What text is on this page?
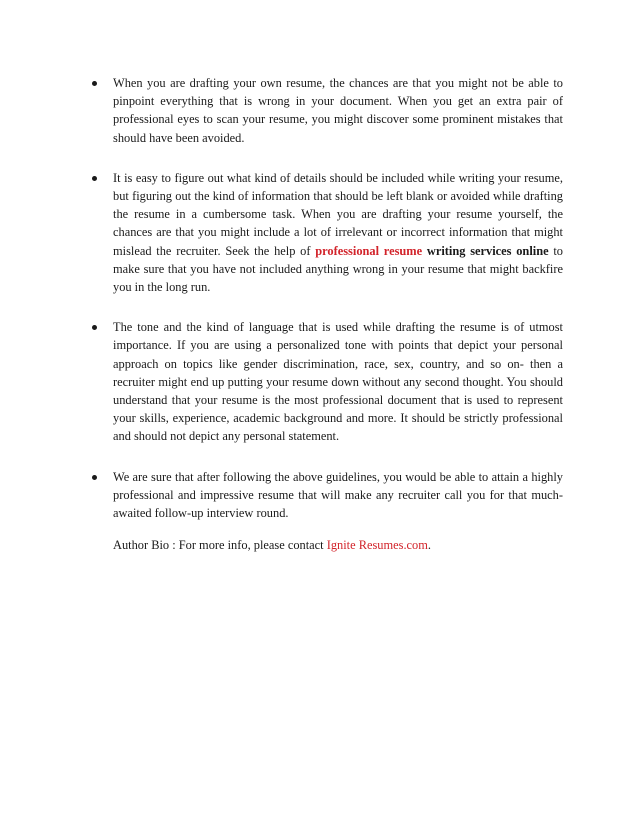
When you are drafting your own resume, the chances are that you might not be able to pinpoint everything that is wrong in your document. When you get an extra pair of professional eyes to scan your resume, you might discover some prominent mistakes that should have been avoided.
It is easy to figure out what kind of details should be included while writing your resume, but figuring out the kind of information that should be left blank or avoided while drafting the resume in a cumbersome task. When you are drafting your resume yourself, the chances are that you might include a lot of irrelevant or incorrect information that might mislead the recruiter. Seek the help of professional resume writing services online to make sure that you have not included anything wrong in your resume that might backfire you in the long run.
The tone and the kind of language that is used while drafting the resume is of utmost importance. If you are using a personalized tone with points that depict your personal approach on topics like gender discrimination, race, sex, country, and so on- then a recruiter might end up putting your resume down without any second thought. You should understand that your resume is the most professional document that is used to represent your skills, experience, academic background and more. It should be strictly professional and should not depict any personal statement.
We are sure that after following the above guidelines, you would be able to attain a highly professional and impressive resume that will make any recruiter call you for that much-awaited follow-up interview round.

Author Bio : For more info, please contact Ignite Resumes.com.
